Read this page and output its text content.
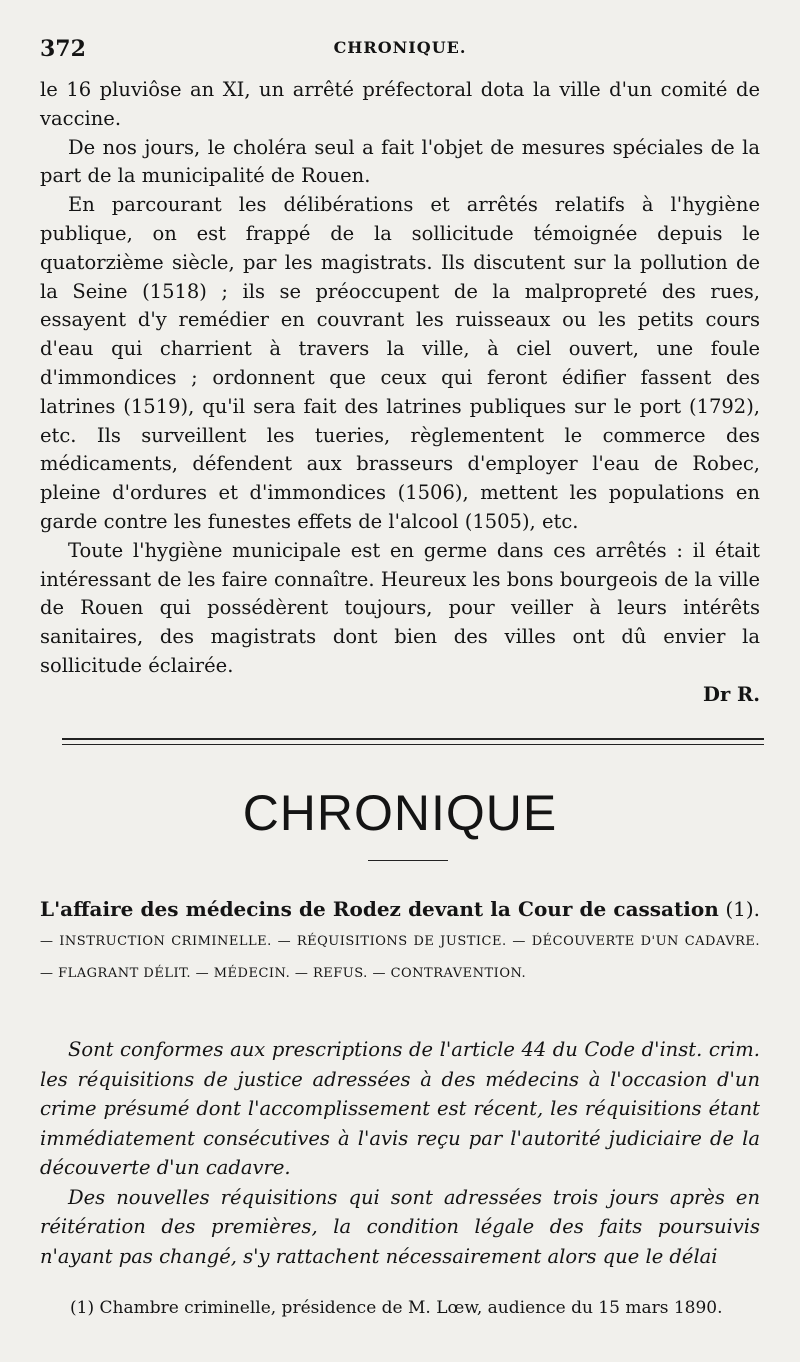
372	CHRONIQUE.

le 16 pluviôse an XI, un arrêté préfectoral dota la ville d'un comité de vaccine.

De nos jours, le choléra seul a fait l'objet de mesures spéciales de la part de la municipalité de Rouen.

En parcourant les délibérations et arrêtés relatifs à l'hygiène publique, on est frappé de la sollicitude témoignée depuis le quatorzième siècle, par les magistrats. Ils discutent sur la pollution de la Seine (1518) ; ils se préoccupent de la malpropreté des rues, essayent d'y remédier en couvrant les ruisseaux ou les petits cours d'eau qui charrient à travers la ville, à ciel ouvert, une foule d'immondices ; ordonnent que ceux qui feront édifier fassent des latrines (1519), qu'il sera fait des latrines publiques sur le port (1792), etc. Ils surveillent les tueries, règlementent le commerce des médicaments, défendent aux brasseurs d'employer l'eau de Robec, pleine d'ordures et d'immondices (1506), mettent les populations en garde contre les funestes effets de l'alcool (1505), etc.

Toute l'hygiène municipale est en germe dans ces arrêtés : il était intéressant de les faire connaître. Heureux les bons bourgeois de la ville de Rouen qui possédèrent toujours, pour veiller à leurs intérêts sanitaires, des magistrats dont bien des villes ont dû envier la sollicitude éclairée.

Dr R.

CHRONIQUE

L'affaire des médecins de Rodez devant la Cour de cassation (1). — INSTRUCTION CRIMINELLE. — RÉQUISITIONS DE JUSTICE. — DÉCOUVERTE D'UN CADAVRE. — FLAGRANT DÉLIT. — MÉDECIN. — REFUS. — CONTRAVENTION.

Sont conformes aux prescriptions de l'article 44 du Code d'inst. crim. les réquisitions de justice adressées à des médecins à l'occasion d'un crime présumé dont l'accomplissement est récent, les réquisitions étant immédiatement consécutives à l'avis reçu par l'autorité judiciaire de la découverte d'un cadavre.

Des nouvelles réquisitions qui sont adressées trois jours après en réitération des premières, la condition légale des faits poursuivis n'ayant pas changé, s'y rattachent nécessairement alors que le délai

(1) Chambre criminelle, présidence de M. Lœw, audience du 15 mars 1890.
